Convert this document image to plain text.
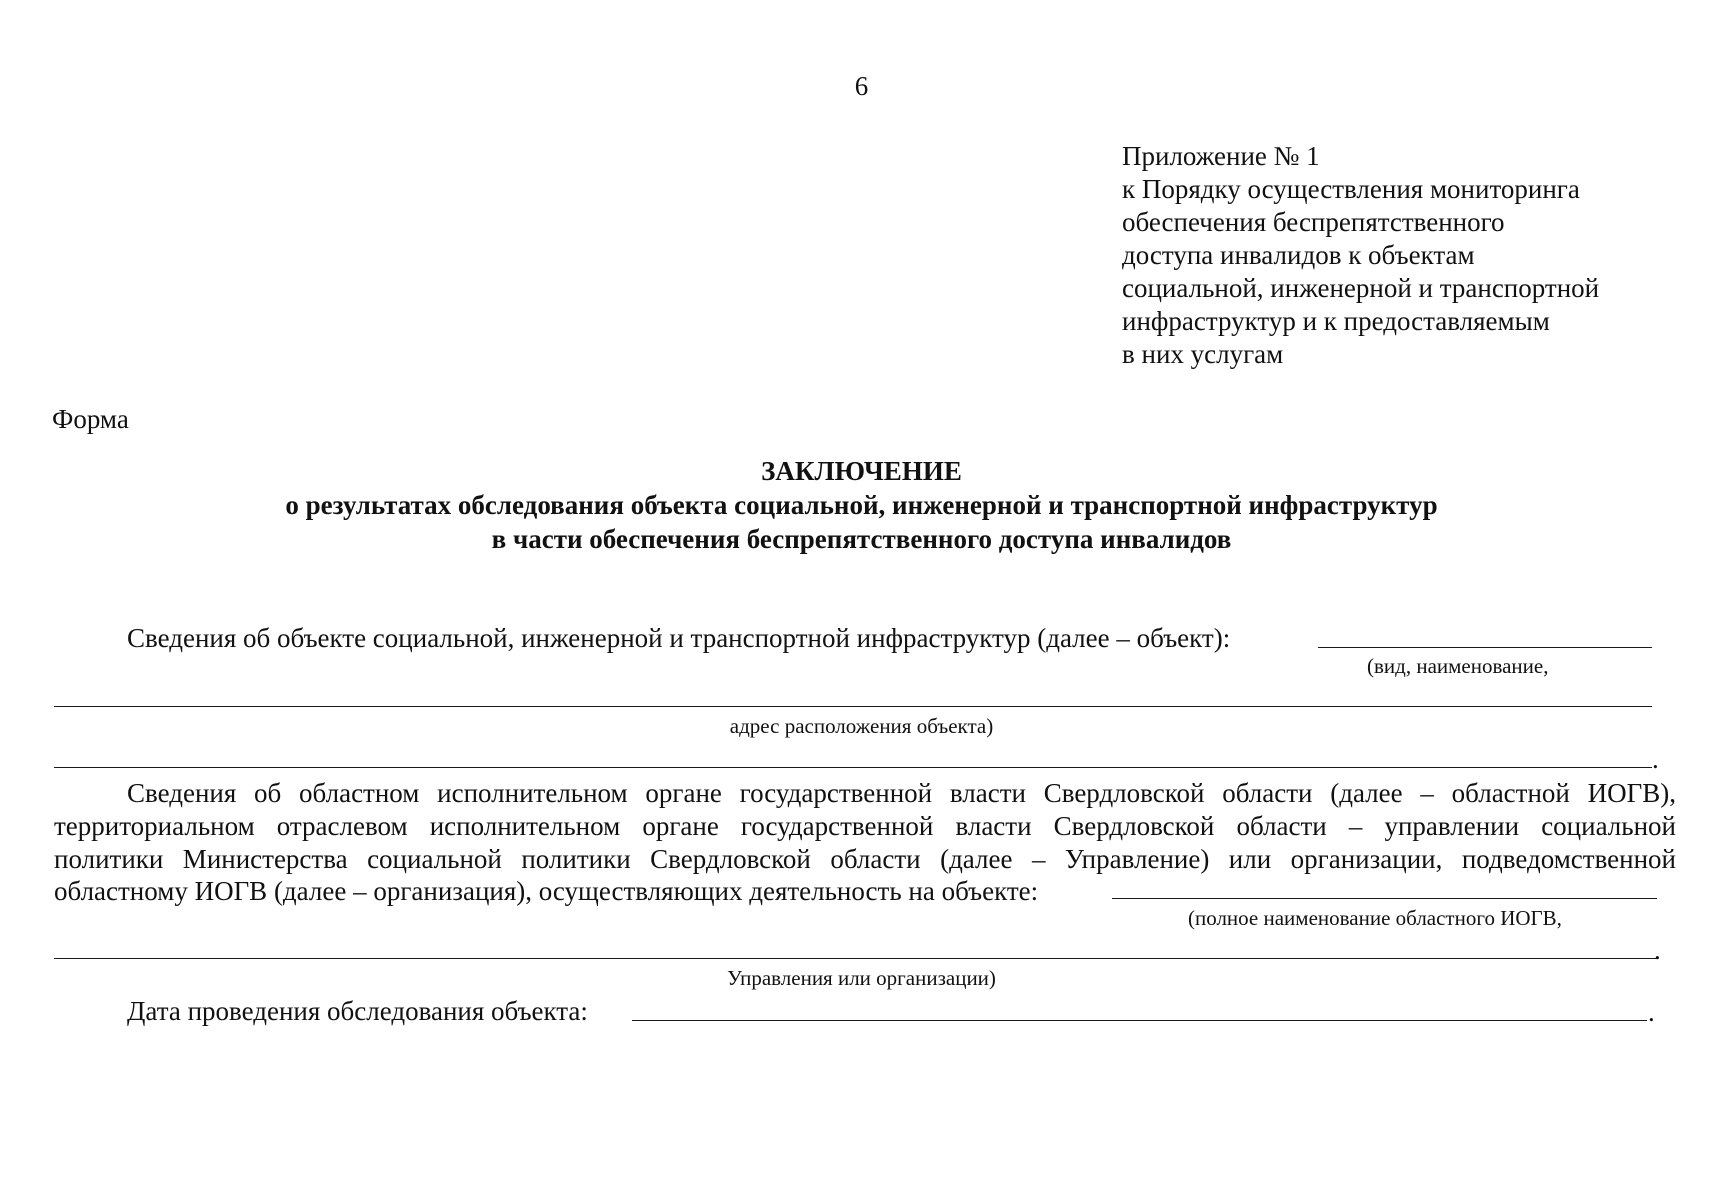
6
Приложение № 1
к Порядку осуществления мониторинга
обеспечения беспрепятственного
доступа инвалидов к объектам
социальной, инженерной и транспортной
инфраструктур и к предоставляемым
в них услугам
Форма
ЗАКЛЮЧЕНИЕ
о результатах обследования объекта социальной, инженерной и транспортной инфраструктур
в части обеспечения беспрепятственного доступа инвалидов
Сведения об объекте социальной, инженерной и транспортной инфраструктур (далее – объект):
(вид, наименование,
адрес расположения объекта)
.
Сведения об областном исполнительном органе государственной власти Свердловской области (далее – областной ИОГВ),
территориальном отраслевом исполнительном органе государственной власти Свердловской области – управлении социальной
политики Министерства социальной политики Свердловской области (далее – Управление) или организации, подведомственной
областному ИОГВ (далее – организация), осуществляющих деятельность на объекте:
(полное наименование областного ИОГВ,
.
Управления или организации)
Дата проведения обследования объекта:	.
